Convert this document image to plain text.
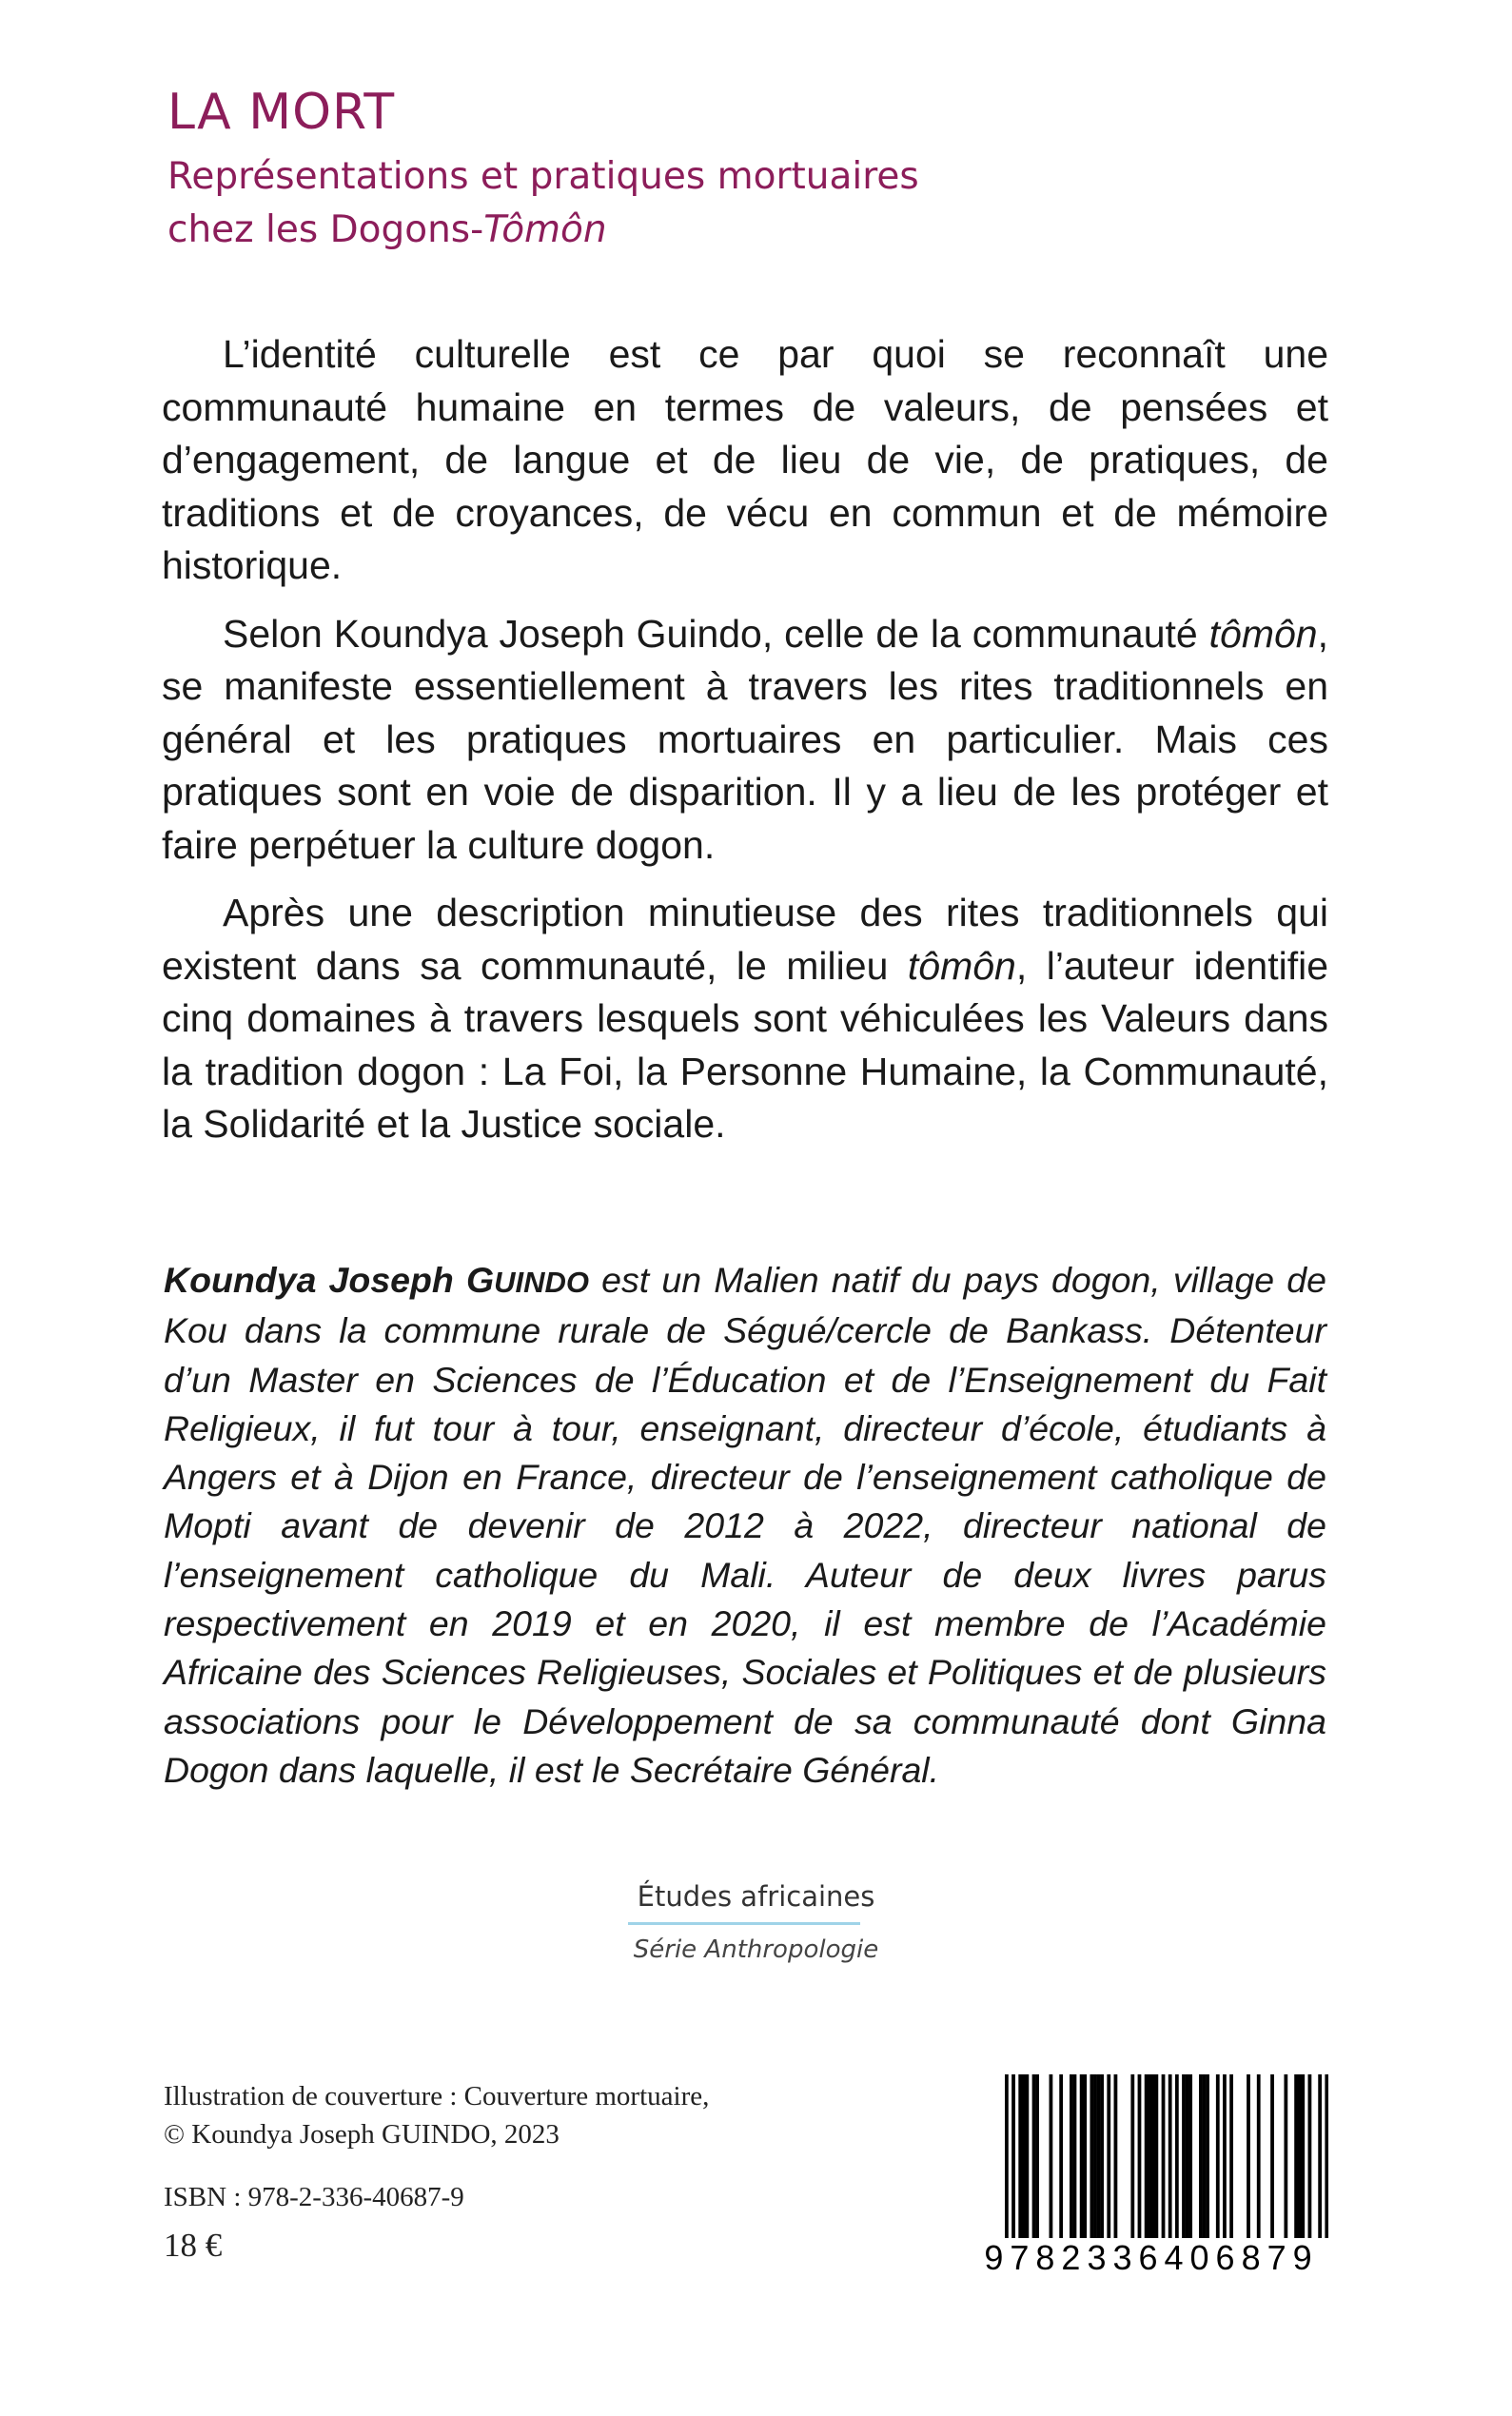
LA MORT
Représentations et pratiques mortuaires
chez les Dogons-Tômôn

L’identité culturelle est ce par quoi se reconnaît une communauté humaine en termes de valeurs, de pensées et d’engagement, de langue et de lieu de vie, de pratiques, de traditions et de croyances, de vécu en commun et de mémoire historique.

Selon Koundya Joseph Guindo, celle de la communauté tômôn, se manifeste essentiellement à travers les rites traditionnels en général et les pratiques mortuaires en particulier. Mais ces pratiques sont en voie de disparition. Il y a lieu de les protéger et faire perpétuer la culture dogon.

Après une description minutieuse des rites traditionnels qui existent dans sa communauté, le milieu tômôn, l’auteur identifie cinq domaines à travers lesquels sont véhiculées les Valeurs dans la tradition dogon : La Foi, la Personne Humaine, la Communauté, la Solidarité et la Justice sociale.

Koundya Joseph GUINDO est un Malien natif du pays dogon, village de Kou dans la commune rurale de Ségué/cercle de Bankass. Détenteur d’un Master en Sciences de l’Éducation et de l’Enseignement du Fait Religieux, il fut tour à tour, enseignant, directeur d’école, étudiants à Angers et à Dijon en France, directeur de l’enseignement catholique de Mopti avant de devenir de 2012 à 2022, directeur national de l’enseignement catholique du Mali. Auteur de deux livres parus respectivement en 2019 et en 2020, il est membre de l’Académie Africaine des Sciences Religieuses, Sociales et Politiques et de plusieurs associations pour le Développement de sa communauté dont Ginna Dogon dans laquelle, il est le Secrétaire Général.
Études africaines
Série Anthropologie
Illustration de couverture : Couverture mortuaire,
© Koundya Joseph GUINDO, 2023
ISBN : 978-2-336-40687-9
18 €	9782336406879
